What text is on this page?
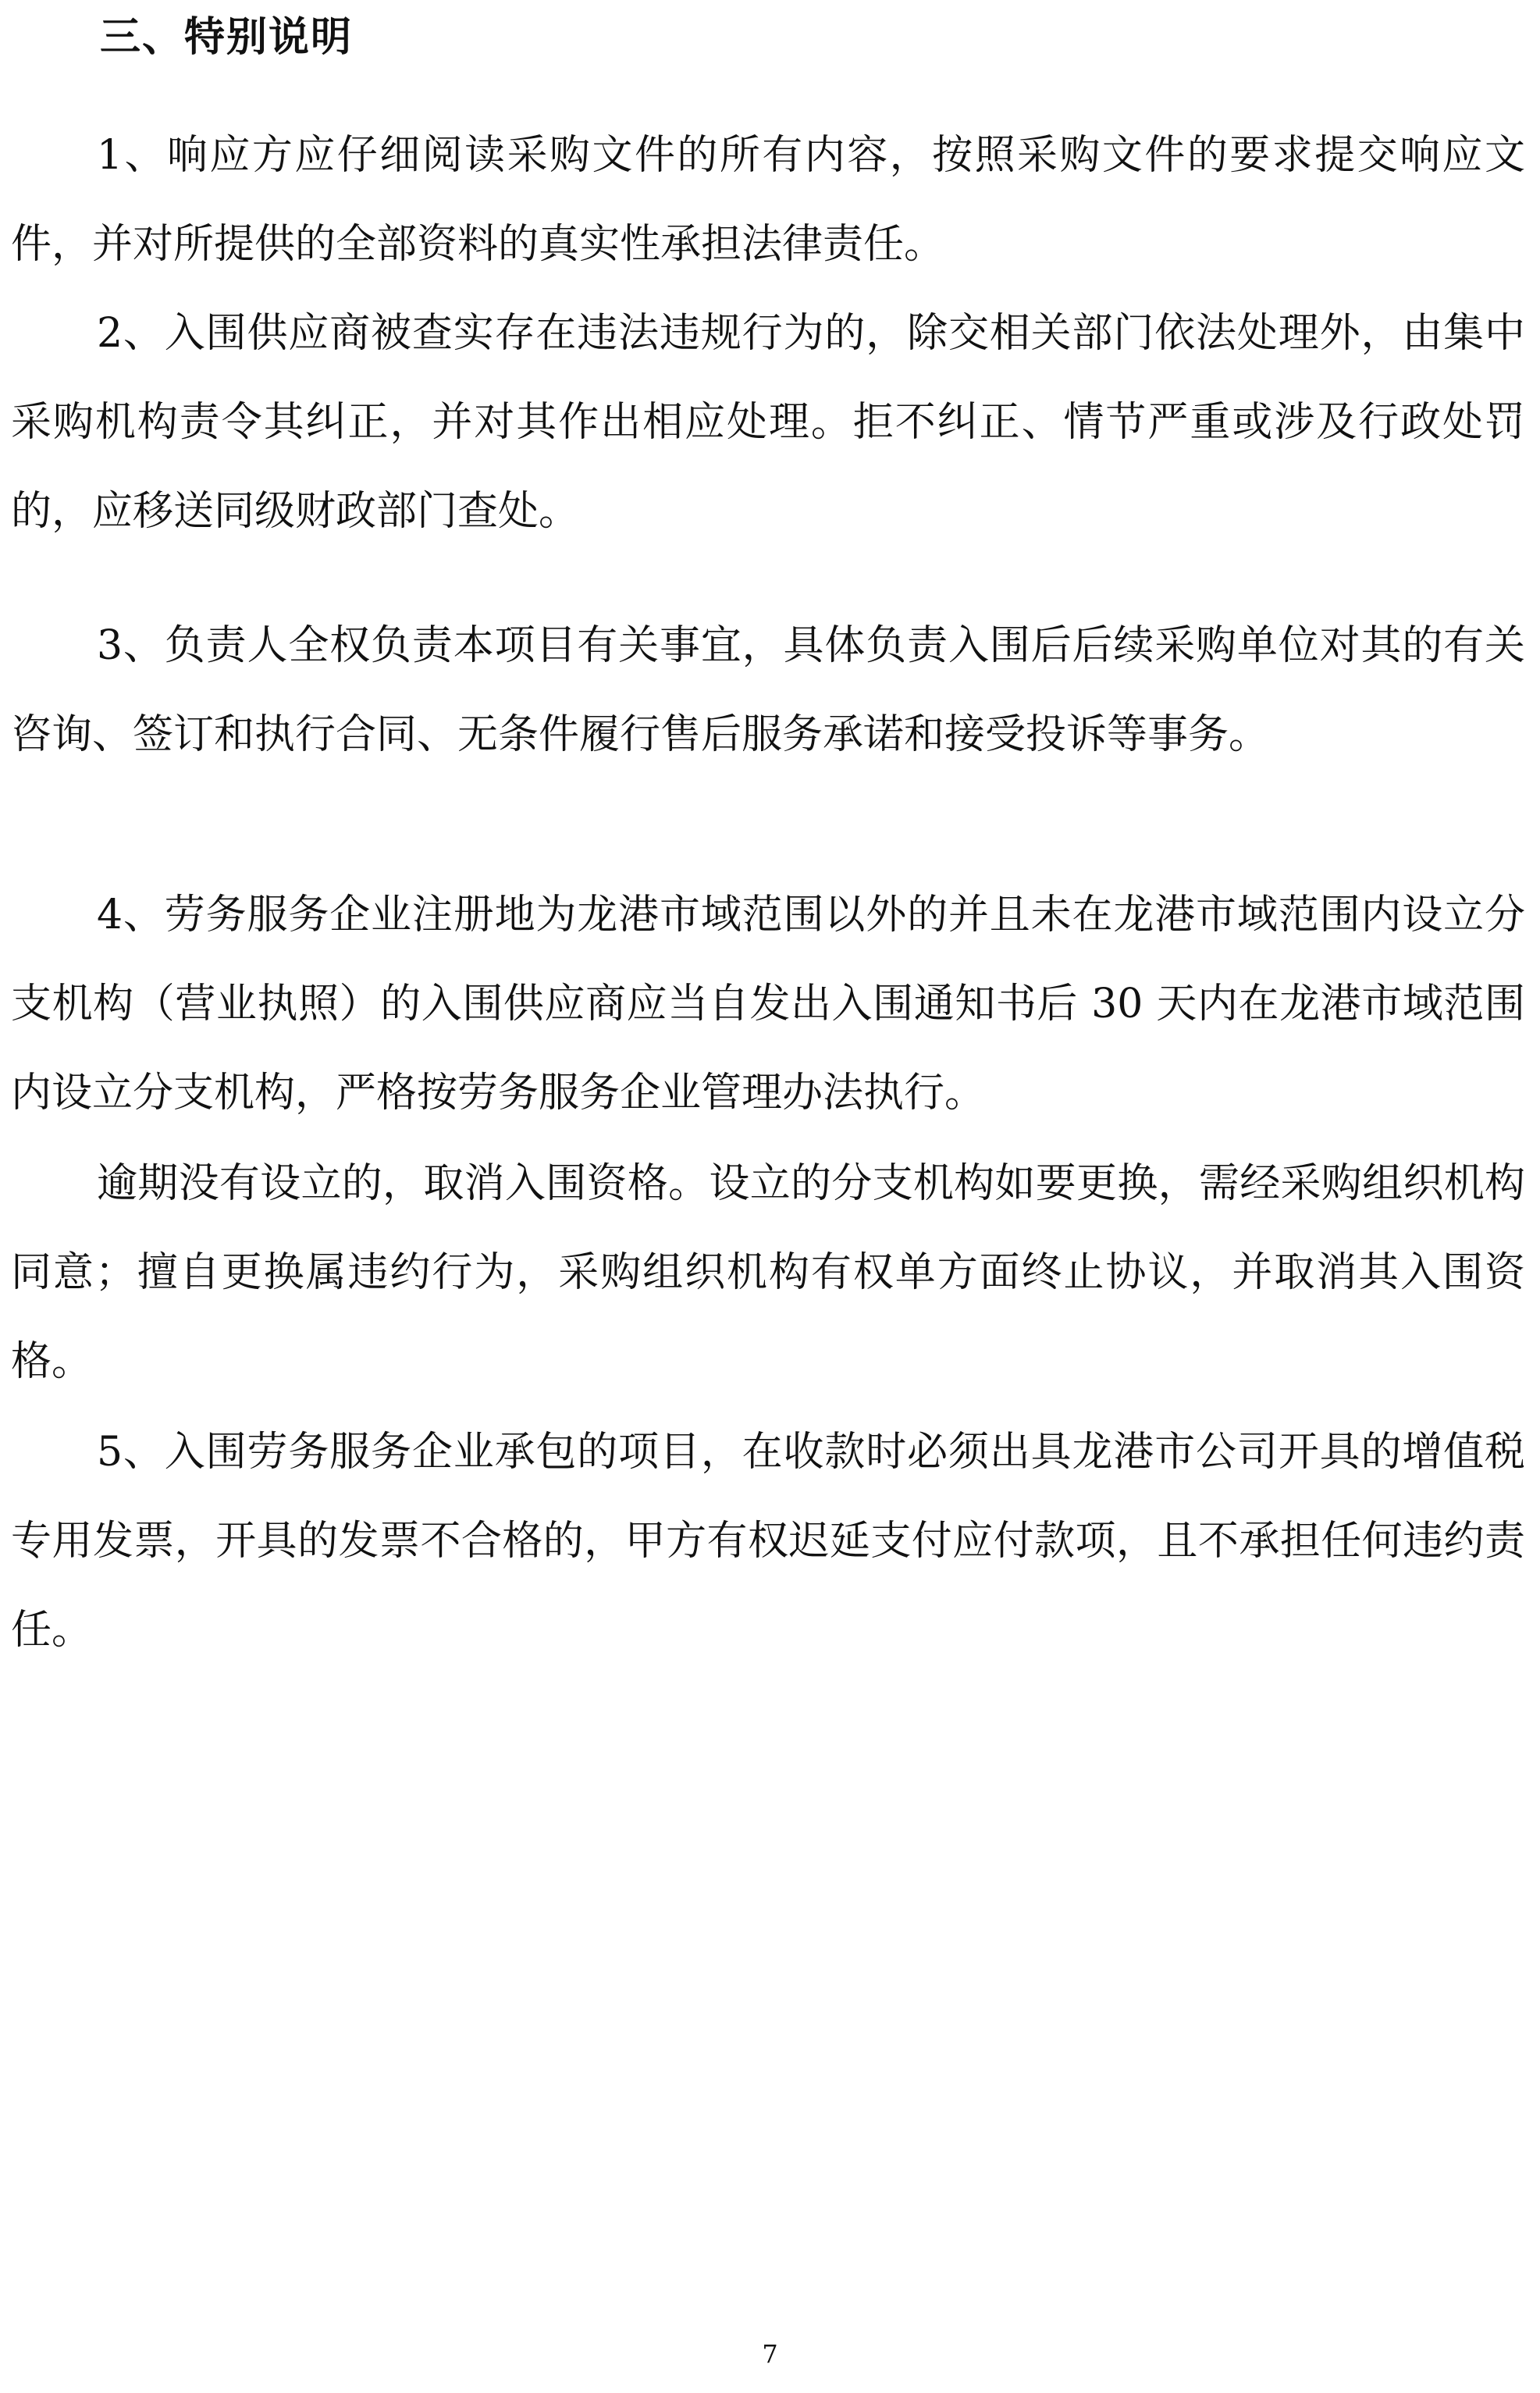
三、特别说明

1、响应方应仔细阅读采购文件的所有内容，按照采购文件的要求提交响应文件，并对所提供的全部资料的真实性承担法律责任。

2、入围供应商被查实存在违法违规行为的，除交相关部门依法处理外，由集中采购机构责令其纠正，并对其作出相应处理。拒不纠正、情节严重或涉及行政处罚的，应移送同级财政部门查处。

3、负责人全权负责本项目有关事宜，具体负责入围后后续采购单位对其的有关咨询、签订和执行合同、无条件履行售后服务承诺和接受投诉等事务。

4、劳务服务企业注册地为龙港市域范围以外的并且未在龙港市域范围内设立分支机构（营业执照）的入围供应商应当自发出入围通知书后 30 天内在龙港市域范围内设立分支机构，严格按劳务服务企业管理办法执行。

逾期没有设立的，取消入围资格。设立的分支机构如要更换，需经采购组织机构同意；擅自更换属违约行为，采购组织机构有权单方面终止协议，并取消其入围资格。

5、入围劳务服务企业承包的项目，在收款时必须出具龙港市公司开具的增值税专用发票，开具的发票不合格的，甲方有权迟延支付应付款项，且不承担任何违约责任。

7
